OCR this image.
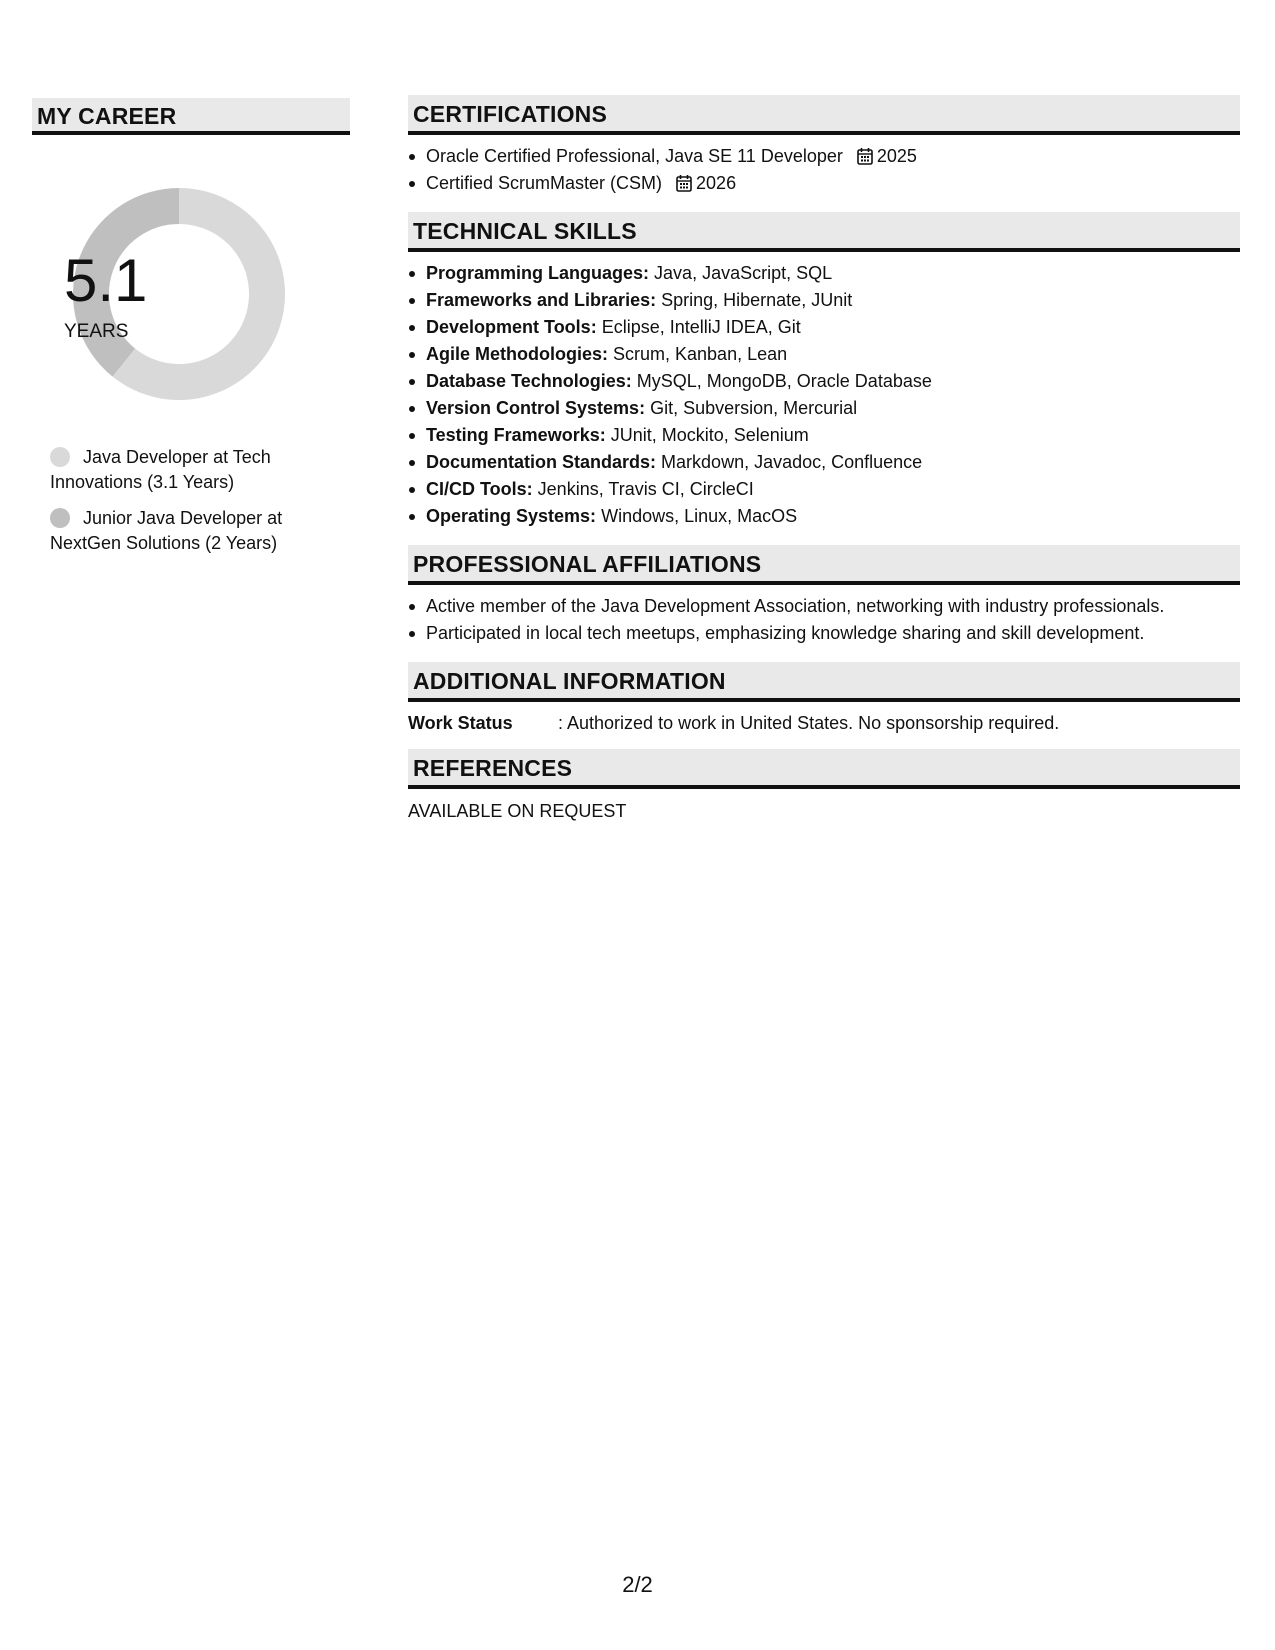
MY CAREER
5.1
YEARS
Java Developer at Tech Innovations (3.1 Years)
Junior Java Developer at NextGen Solutions (2 Years)
CERTIFICATIONS
Oracle Certified Professional, Java SE 11 Developer 2025
Certified ScrumMaster (CSM) 2026
TECHNICAL SKILLS
Programming Languages: Java, JavaScript, SQL
Frameworks and Libraries: Spring, Hibernate, JUnit
Development Tools: Eclipse, IntelliJ IDEA, Git
Agile Methodologies: Scrum, Kanban, Lean
Database Technologies: MySQL, MongoDB, Oracle Database
Version Control Systems: Git, Subversion, Mercurial
Testing Frameworks: JUnit, Mockito, Selenium
Documentation Standards: Markdown, Javadoc, Confluence
CI/CD Tools: Jenkins, Travis CI, CircleCI
Operating Systems: Windows, Linux, MacOS
PROFESSIONAL AFFILIATIONS
Active member of the Java Development Association, networking with industry professionals.
Participated in local tech meetups, emphasizing knowledge sharing and skill development.
ADDITIONAL INFORMATION
Work Status	: Authorized to work in United States. No sponsorship required.
REFERENCES
AVAILABLE ON REQUEST
2/2
